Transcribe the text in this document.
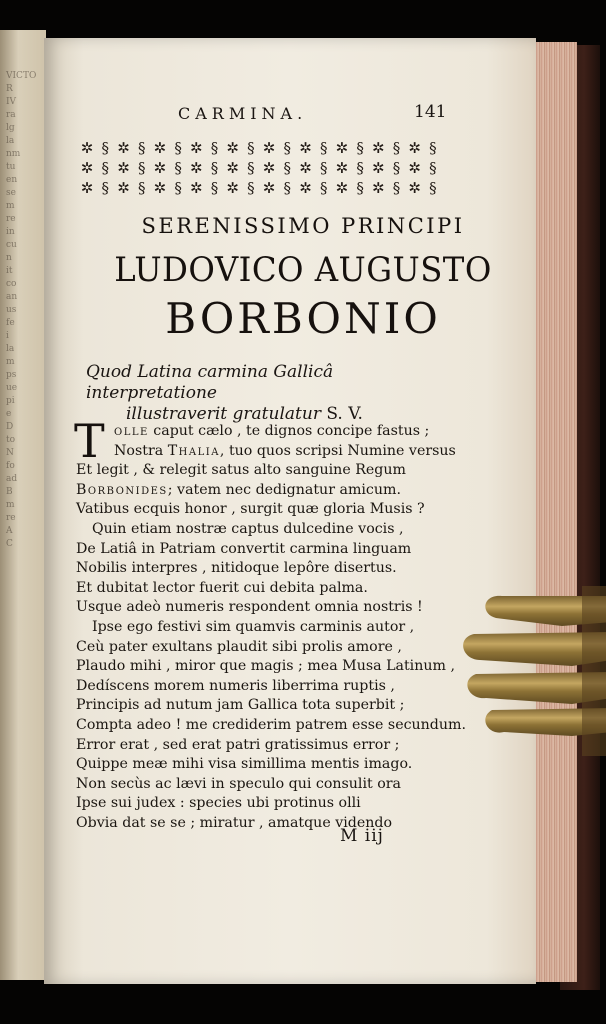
VICTOR
IV
ra
lg
la
nm
tu
en
se
m
re
in
cu
n
it
co
an
us
fe
i
la
m
ps
ue
pi
e
D
to
N
fo
ad
B
m
re
A
C
CARMINA.	141
✲ § ✲ § ✲ § ✲ § ✲ § ✲ § ✲ § ✲ § ✲ § ✲ §
✲ § ✲ § ✲ § ✲ § ✲ § ✲ § ✲ § ✲ § ✲ § ✲ §
✲ § ✲ § ✲ § ✲ § ✲ § ✲ § ✲ § ✲ § ✲ § ✲ §
SERENISSIMO PRINCIPI
LUDOVICO AUGUSTO
BORBONIO
Quod Latina carmina Gallicâ interpretatione
illustraverit gratulatur S. V.
T olle caput cælo , te dignos concipe fastus ;
Nostra Thalia, tuo quos scripsi Numine versus
Et legit , & relegit satus alto sanguine Regum
Borbonides; vatem nec dedignatur amicum.
Vatibus ecquis honor , surgit quæ gloria Musis ?
Quin etiam nostræ captus dulcedine vocis ,
De Latiâ in Patriam convertit carmina linguam
Nobilis interpres , nitidoque lepôre disertus.
Et dubitat lector fuerit cui debita palma.
Usque adeò numeris respondent omnia nostris !
Ipse ego festivi sim quamvis carminis autor ,
Ceù pater exultans plaudit sibi prolis amore ,
Plaudo mihi , miror que magis ; mea Musa Latinum ,
Dedíscens morem numeris liberrima ruptis ,
Principis ad nutum jam Gallica tota superbit ;
Compta adeo ! me crediderim patrem esse secundum.
Error erat , sed erat patri gratissimus error ;
Quippe meæ mihi visa simillima mentis imago.
Non secùs ac lævi in speculo qui consulit ora
Ipse sui judex : species ubi protinus olli
Obvia dat se se ; miratur , amatque videndo
M iij
